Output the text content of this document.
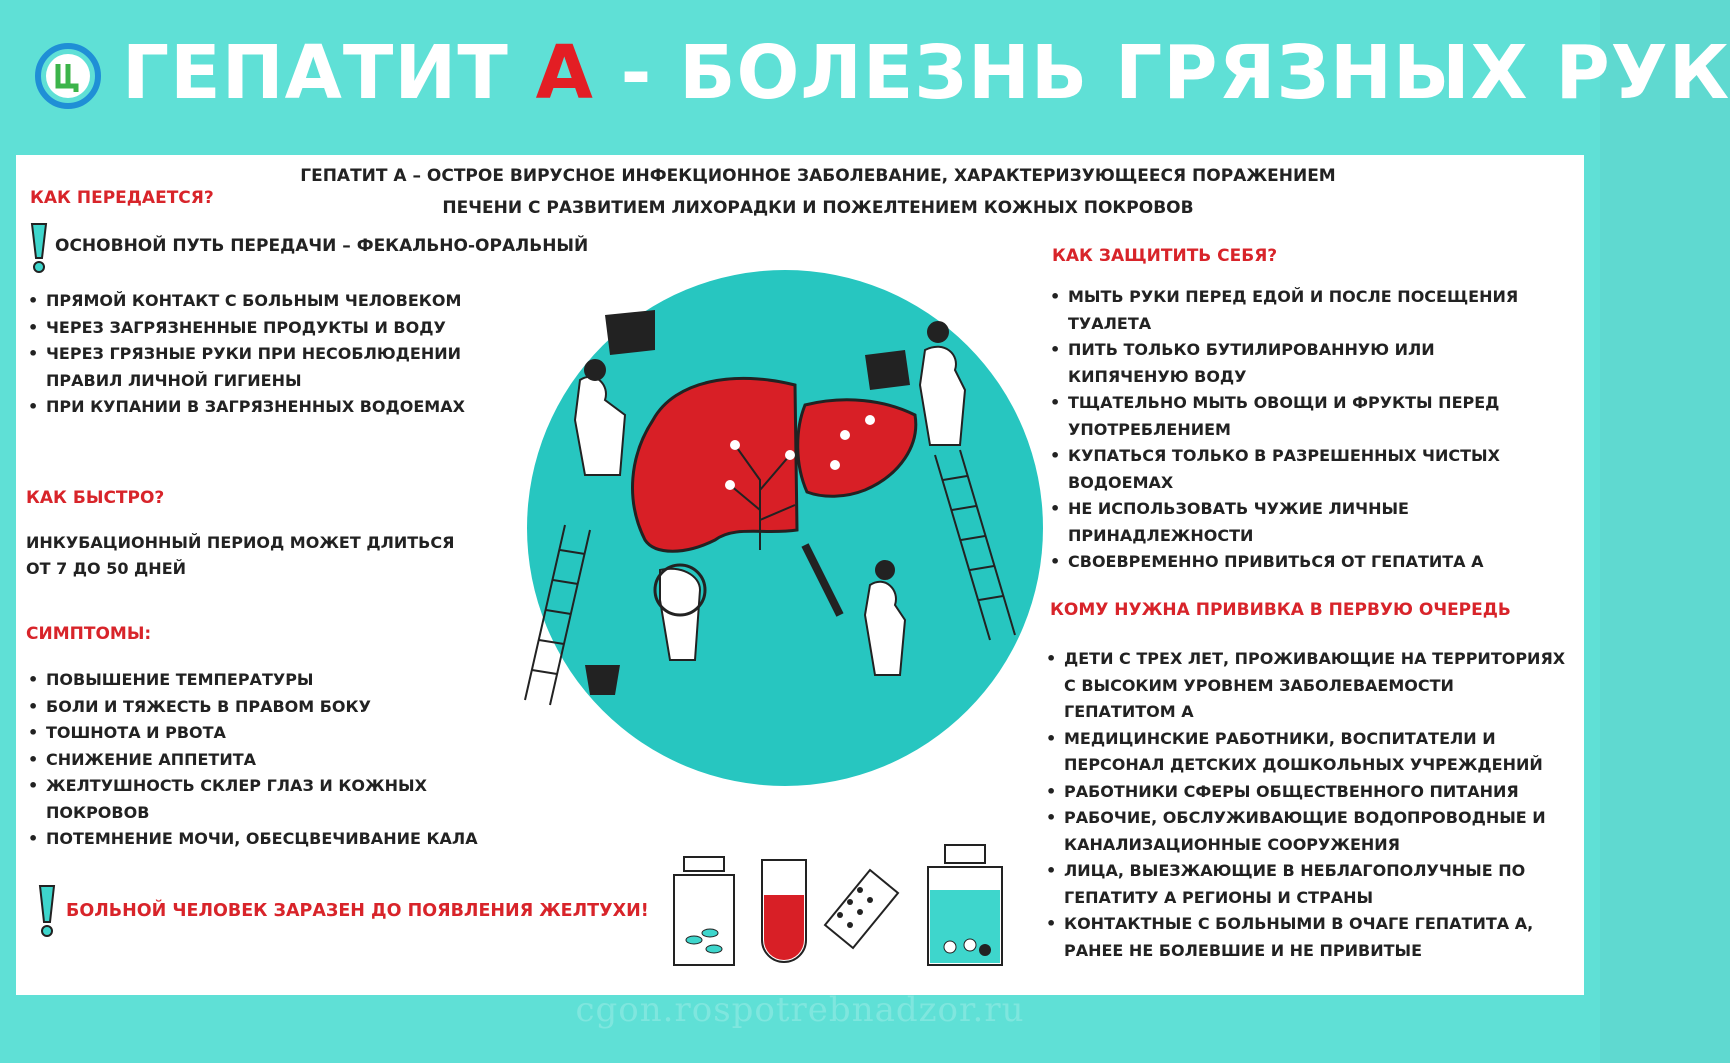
ГЕПАТИТ А - БОЛЕЗНЬ ГРЯЗНЫХ РУК
ГЕПАТИТ А – ОСТРОЕ ВИРУСНОЕ ИНФЕКЦИОННОЕ ЗАБОЛЕВАНИЕ, ХАРАКТЕРИЗУЮЩЕЕСЯ ПОРАЖЕНИЕМ
ПЕЧЕНИ С РАЗВИТИЕМ ЛИХОРАДКИ И ПОЖЕЛТЕНИЕМ КОЖНЫХ ПОКРОВОВ
КАК ПЕРЕДАЕТСЯ?
ОСНОВНОЙ ПУТЬ ПЕРЕДАЧИ – ФЕКАЛЬНО-ОРАЛЬНЫЙ
• ПРЯМОЙ КОНТАКТ С БОЛЬНЫМ ЧЕЛОВЕКОМ
• ЧЕРЕЗ ЗАГРЯЗНЕННЫЕ ПРОДУКТЫ И ВОДУ
• ЧЕРЕЗ ГРЯЗНЫЕ РУКИ ПРИ НЕСОБЛЮДЕНИИ
ПРАВИЛ ЛИЧНОЙ ГИГИЕНЫ
• ПРИ КУПАНИИ В ЗАГРЯЗНЕННЫХ ВОДОЕМАХ
КАК БЫСТРО?
ИНКУБАЦИОННЫЙ ПЕРИОД МОЖЕТ ДЛИТЬСЯ
ОТ 7 ДО 50 ДНЕЙ
СИМПТОМЫ:
• ПОВЫШЕНИЕ ТЕМПЕРАТУРЫ
• БОЛИ И ТЯЖЕСТЬ В ПРАВОМ БОКУ
• ТОШНОТА И РВОТА
• СНИЖЕНИЕ АППЕТИТА
• ЖЕЛТУШНОСТЬ СКЛЕР ГЛАЗ И КОЖНЫХ
ПОКРОВОВ
• ПОТЕМНЕНИЕ МОЧИ, ОБЕСЦВЕЧИВАНИЕ КАЛА
БОЛЬНОЙ ЧЕЛОВЕК ЗАРАЗЕН ДО ПОЯВЛЕНИЯ ЖЕЛТУХИ!
КАК ЗАЩИТИТЬ СЕБЯ?
• МЫТЬ РУКИ ПЕРЕД ЕДОЙ И ПОСЛЕ ПОСЕЩЕНИЯ
ТУАЛЕТА
• ПИТЬ ТОЛЬКО БУТИЛИРОВАННУЮ ИЛИ
КИПЯЧЕНУЮ ВОДУ
• ТЩАТЕЛЬНО МЫТЬ ОВОЩИ И ФРУКТЫ ПЕРЕД
УПОТРЕБЛЕНИЕМ
• КУПАТЬСЯ ТОЛЬКО В РАЗРЕШЕННЫХ ЧИСТЫХ
ВОДОЕМАХ
• НЕ ИСПОЛЬЗОВАТЬ ЧУЖИЕ ЛИЧНЫЕ
ПРИНАДЛЕЖНОСТИ
• СВОЕВРЕМЕННО ПРИВИТЬСЯ ОТ ГЕПАТИТА А
КОМУ НУЖНА ПРИВИВКА В ПЕРВУЮ ОЧЕРЕДЬ
• ДЕТИ С ТРЕХ ЛЕТ, ПРОЖИВАЮЩИЕ НА ТЕРРИТОРИЯХ
С ВЫСОКИМ УРОВНЕМ ЗАБОЛЕВАЕМОСТИ
ГЕПАТИТОМ А
• МЕДИЦИНСКИЕ РАБОТНИКИ, ВОСПИТАТЕЛИ И
ПЕРСОНАЛ ДЕТСКИХ ДОШКОЛЬНЫХ УЧРЕЖДЕНИЙ
• РАБОТНИКИ СФЕРЫ ОБЩЕСТВЕННОГО ПИТАНИЯ
• РАБОЧИЕ, ОБСЛУЖИВАЮЩИЕ ВОДОПРОВОДНЫЕ И
КАНАЛИЗАЦИОННЫЕ СООРУЖЕНИЯ
• ЛИЦА, ВЫЕЗЖАЮЩИЕ В НЕБЛАГОПОЛУЧНЫЕ ПО
ГЕПАТИТУ А РЕГИОНЫ И СТРАНЫ
• КОНТАКТНЫЕ С БОЛЬНЫМИ В ОЧАГЕ ГЕПАТИТА А,
РАНЕЕ НЕ БОЛЕВШИЕ И НЕ ПРИВИТЫЕ
cgon.rospotrebnadzor.ru
